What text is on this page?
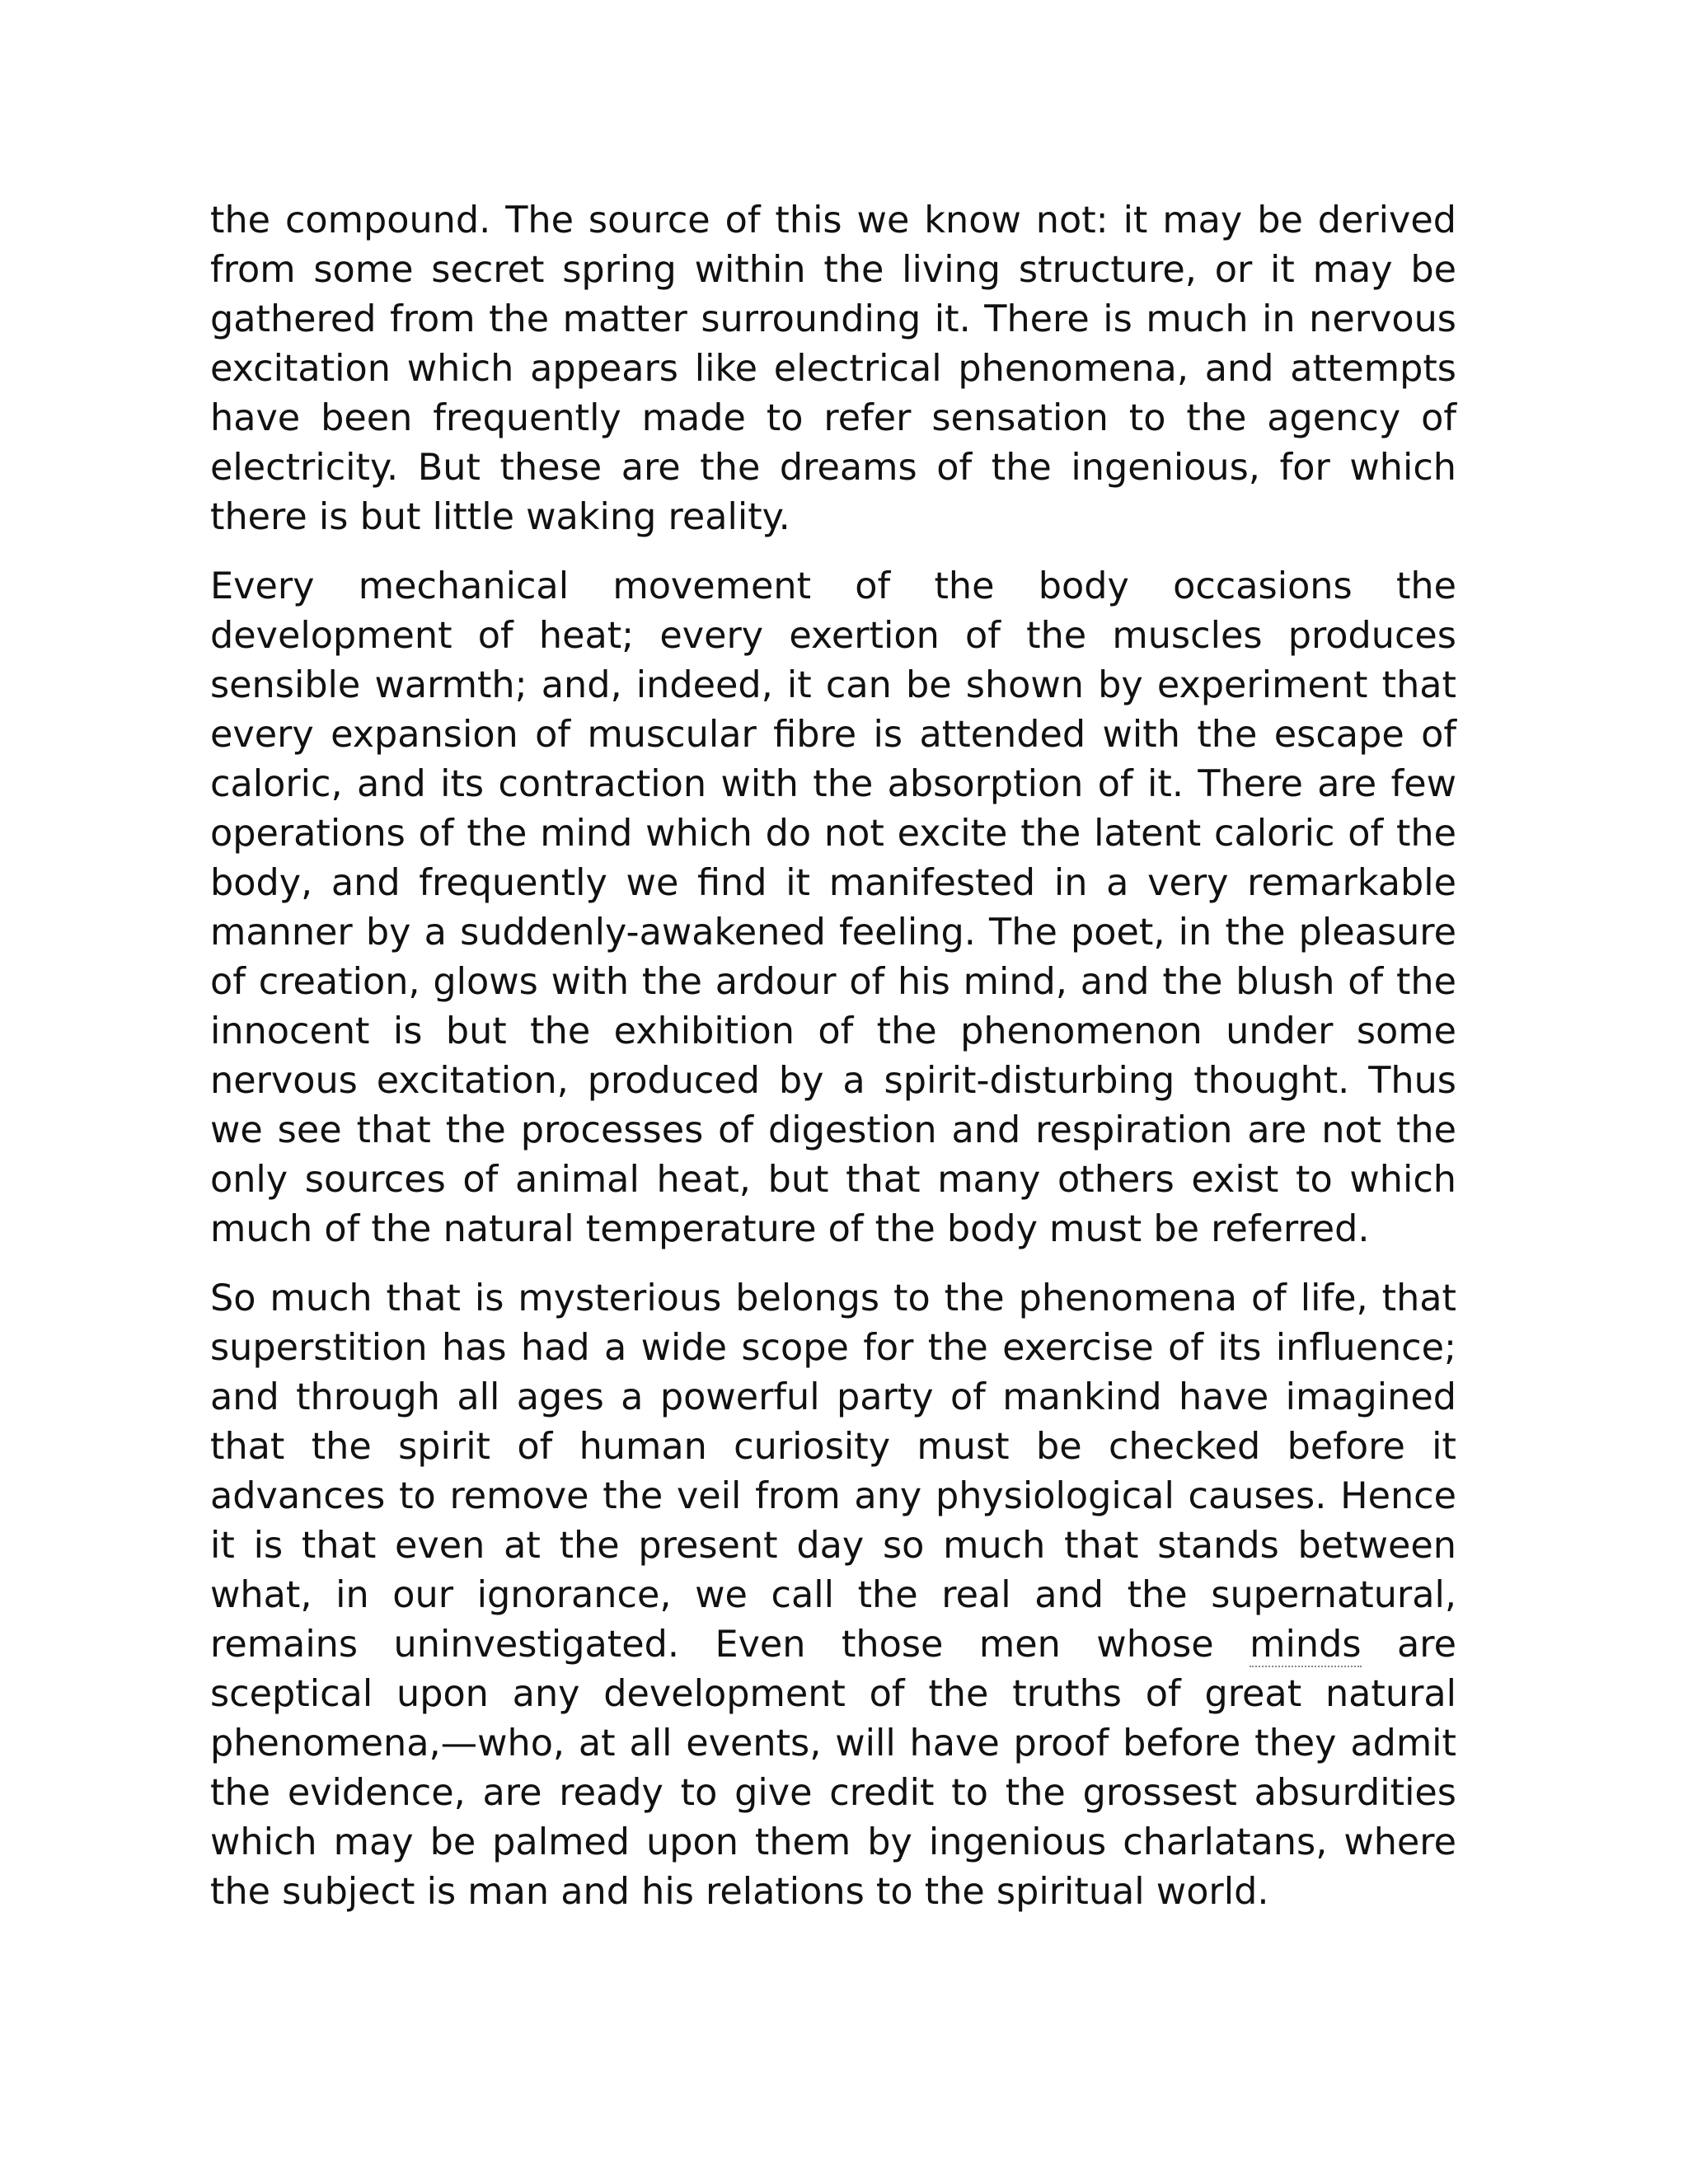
the compound. The source of this we know not: it may be derived from some secret spring within the living structure, or it may be gathered from the matter surrounding it. There is much in nervous excitation which appears like electrical phenomena, and attempts have been frequently made to refer sensation to the agency of electricity. But these are the dreams of the ingenious, for which there is but little waking reality.

Every mechanical movement of the body occasions the development of heat; every exertion of the muscles produces sensible warmth; and, indeed, it can be shown by experiment that every expansion of muscular fibre is attended with the escape of caloric, and its contraction with the absorption of it. There are few operations of the mind which do not excite the latent caloric of the body, and frequently we find it manifested in a very remarkable manner by a suddenly-awakened feeling. The poet, in the pleasure of creation, glows with the ardour of his mind, and the blush of the innocent is but the exhibition of the phenomenon under some nervous excitation, produced by a spirit-disturbing thought. Thus we see that the processes of digestion and respiration are not the only sources of animal heat, but that many others exist to which much of the natural temperature of the body must be referred.

So much that is mysterious belongs to the phenomena of life, that superstition has had a wide scope for the exercise of its influence; and through all ages a powerful party of mankind have imagined that the spirit of human curiosity must be checked before it advances to remove the veil from any physiological causes. Hence it is that even at the present day so much that stands between what, in our ignorance, we call the real and the supernatural, remains uninvestigated. Even those men whose minds are sceptical upon any development of the truths of great natural phenomena,—who, at all events, will have proof before they admit the evidence, are ready to give credit to the grossest absurdities which may be palmed upon them by ingenious charlatans, where the subject is man and his relations to the spiritual world.
